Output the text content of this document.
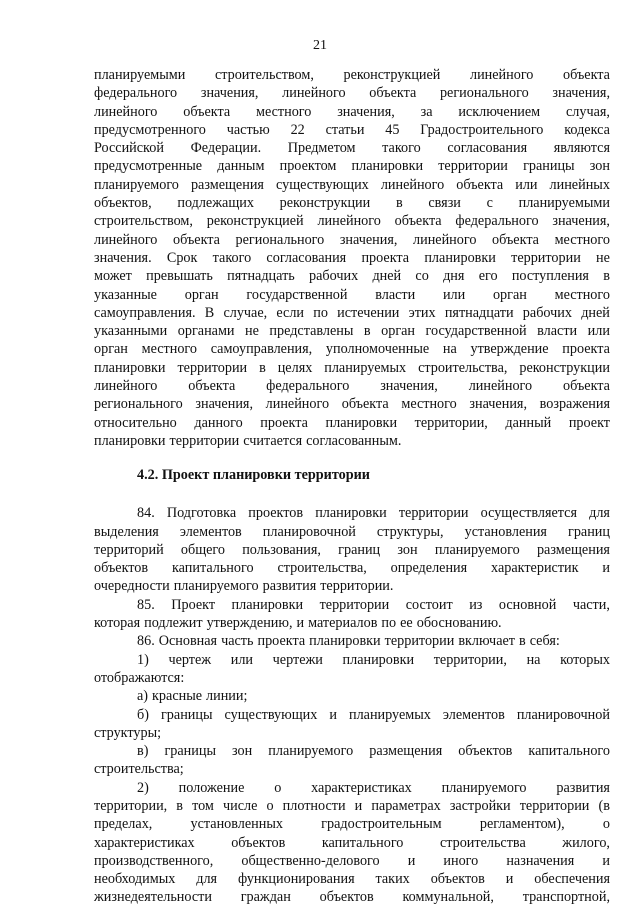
21
планируемыми строительством, реконструкцией линейного объекта
федерального значения, линейного объекта регионального значения,
линейного объекта местного значения, за исключением случая,
предусмотренного частью 22 статьи 45 Градостроительного кодекса
Российской Федерации. Предметом такого согласования являются
предусмотренные данным проектом планировки территории границы зон
планируемого размещения существующих линейного объекта или линейных
объектов, подлежащих реконструкции в связи с планируемыми
строительством, реконструкцией линейного объекта федерального значения,
линейного объекта регионального значения, линейного объекта местного
значения. Срок такого согласования проекта планировки территории не
может превышать пятнадцать рабочих дней со дня его поступления в
указанные орган государственной власти или орган местного
самоуправления. В случае, если по истечении этих пятнадцати рабочих дней
указанными органами не представлены в орган государственной власти или
орган местного самоуправления, уполномоченные на утверждение проекта
планировки территории в целях планируемых строительства, реконструкции
линейного объекта федерального значения, линейного объекта
регионального значения, линейного объекта местного значения, возражения
относительно данного проекта планировки территории, данный проект
планировки территории считается согласованным.
4.2. Проект планировки территории
84. Подготовка проектов планировки территории осуществляется для
выделения элементов планировочной структуры, установления границ
территорий общего пользования, границ зон планируемого размещения
объектов капитального строительства, определения характеристик и
очередности планируемого развития территории.
85. Проект планировки территории состоит из основной части,
которая подлежит утверждению, и материалов по ее обоснованию.
86. Основная часть проекта планировки территории включает в себя:
1) чертеж или чертежи планировки территории, на которых
отображаются:
а) красные линии;
б) границы существующих и планируемых элементов планировочной
структуры;
в) границы зон планируемого размещения объектов капитального
строительства;
2) положение о характеристиках планируемого развития
территории, в том числе о плотности и параметрах застройки территории (в
пределах,	установленных	градостроительным	регламентом),	о
характеристиках	объектов	капитального	строительства	жилого,
производственного, общественно-делового и иного назначения и
необходимых для функционирования таких объектов и обеспечения
жизнедеятельности граждан объектов коммунальной, транспортной,
